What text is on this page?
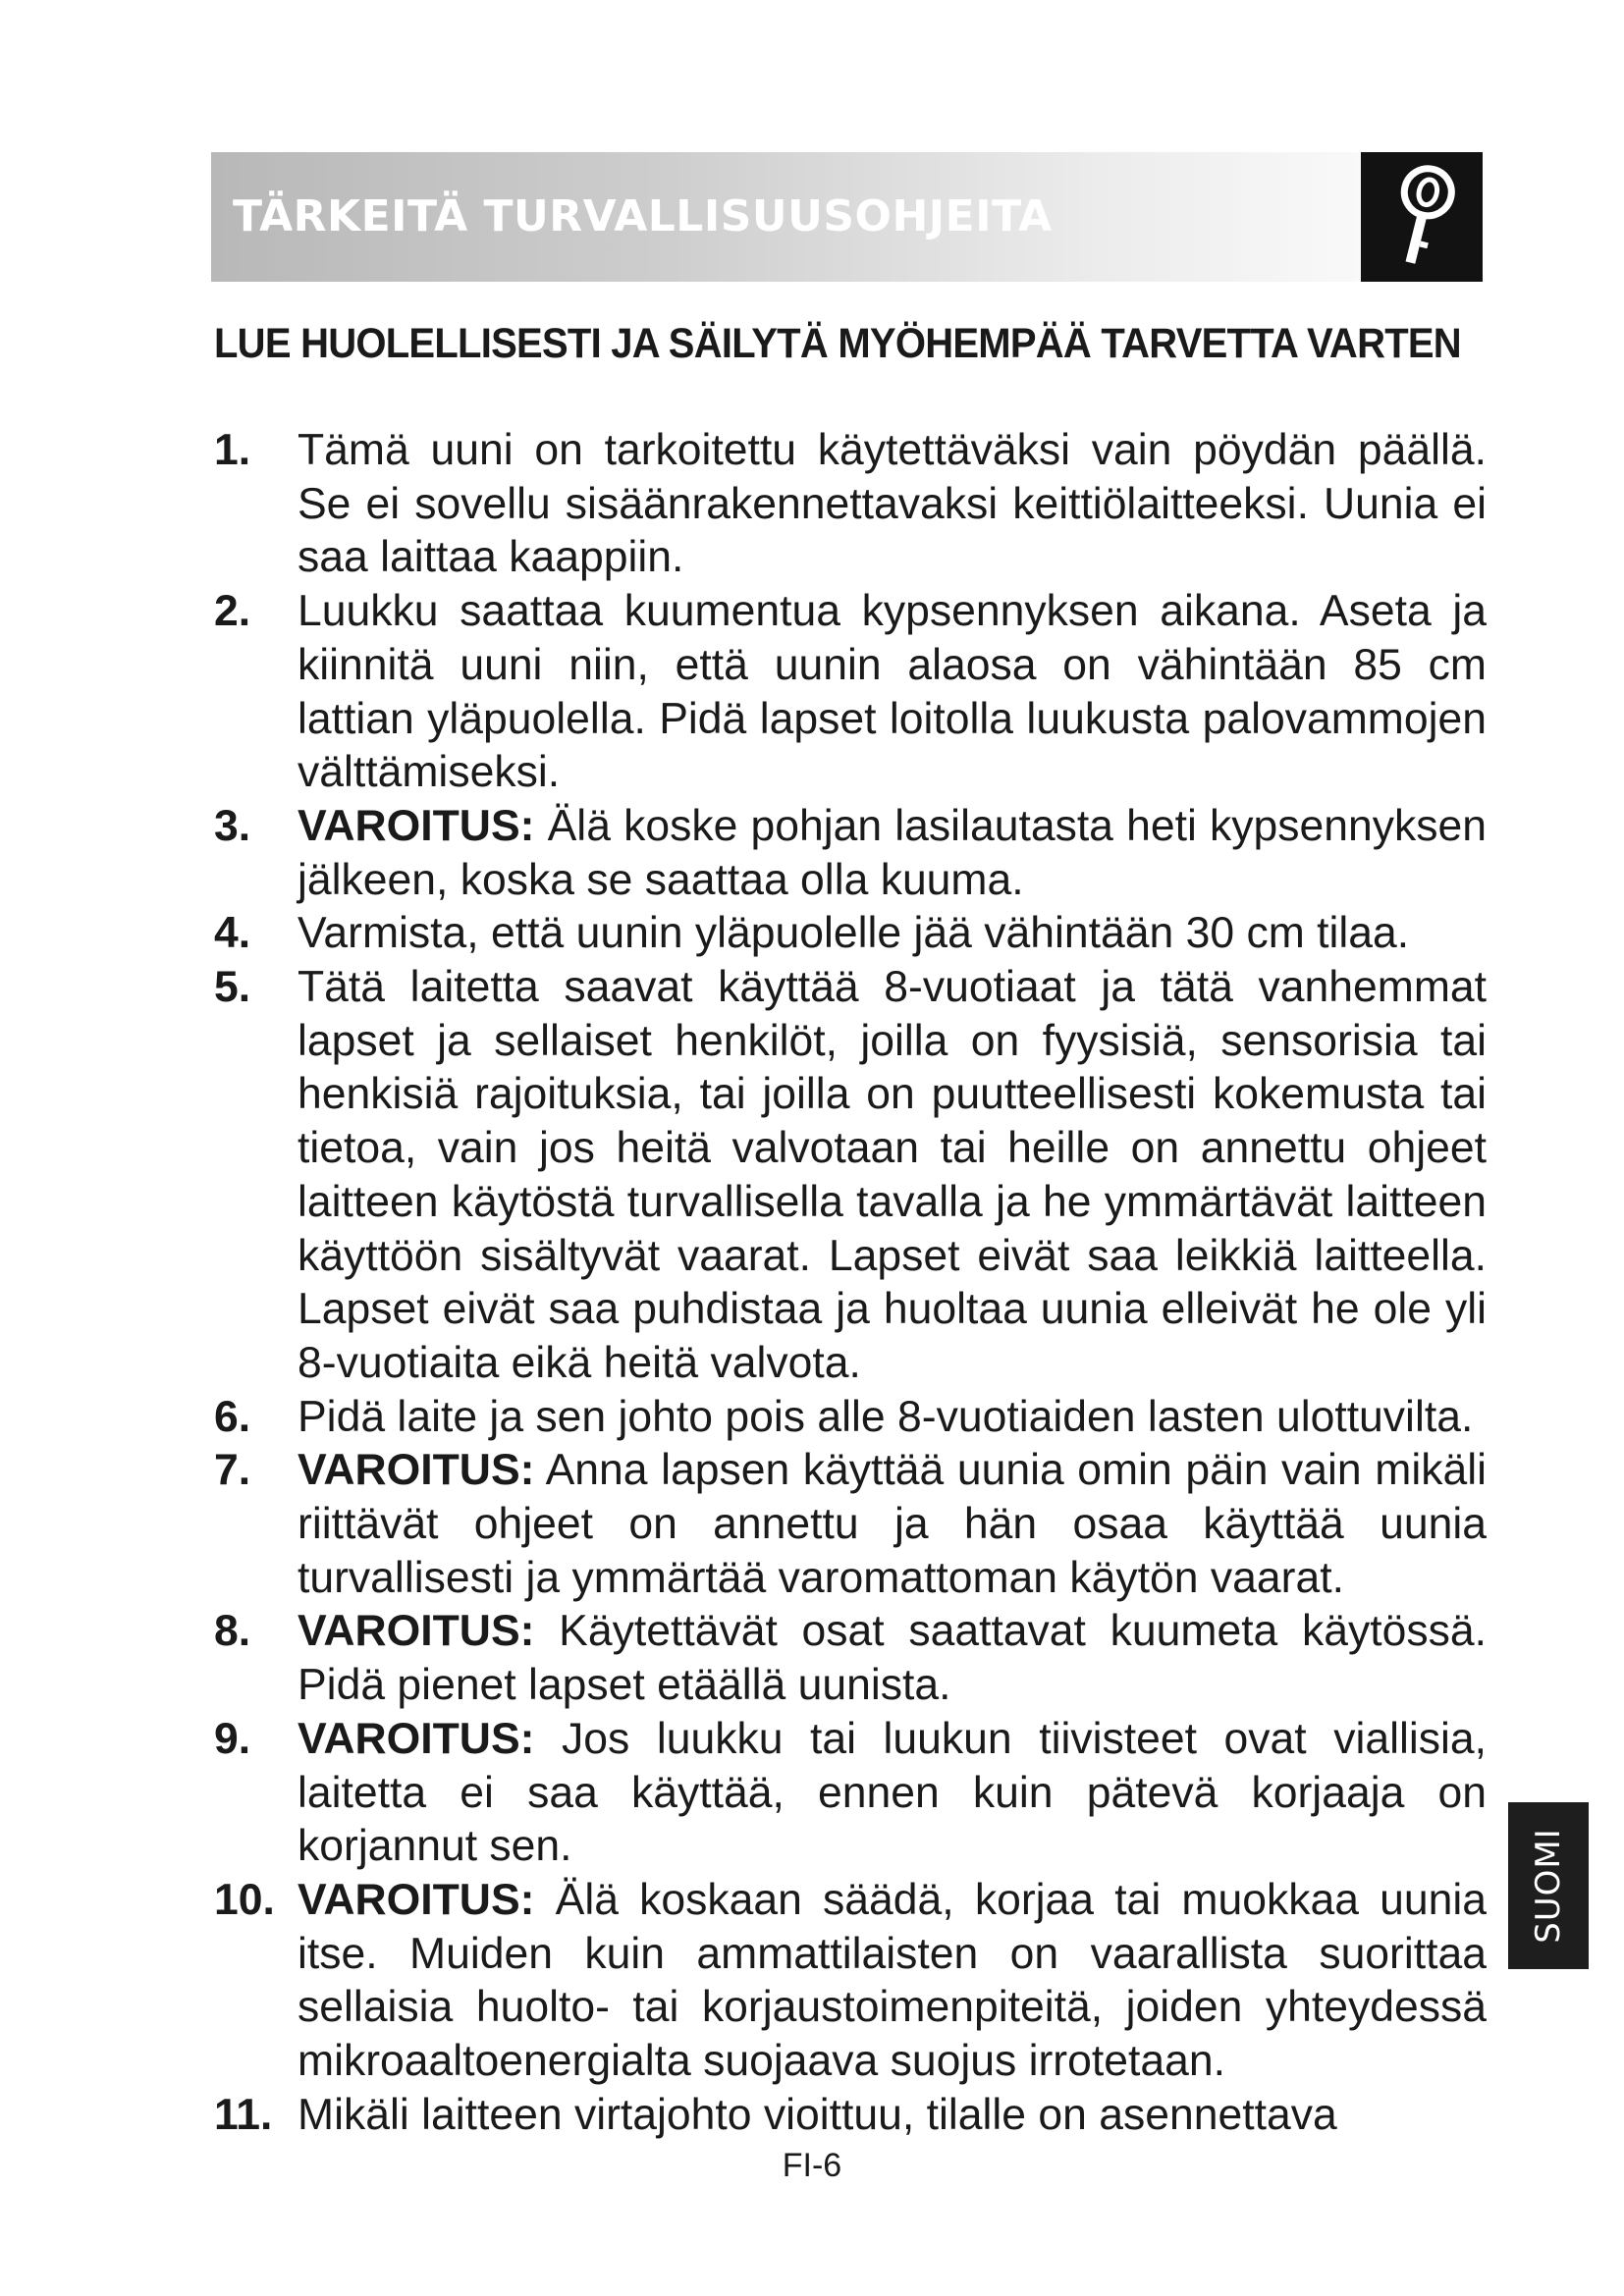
TÄRKEITÄ TURVALLISUUSOHJEITA
LUE HUOLELLISESTI JA SÄILYTÄ MYÖHEMPÄÄ TARVETTA VARTEN
1. Tämä uuni on tarkoitettu käytettäväksi vain pöydän päällä. Se ei sovellu sisäänrakennettavaksi keittiölaitteeksi. Uunia ei saa laittaa kaappiin.
2. Luukku saattaa kuumentua kypsennyksen aikana. Aseta ja kiinnitä uuni niin, että uunin alaosa on vähintään 85 cm lattian yläpuolella. Pidä lapset loitolla luukusta palovammojen välttämiseksi.
3. VAROITUS: Älä koske pohjan lasilautasta heti kypsennyksen jälkeen, koska se saattaa olla kuuma.
4. Varmista, että uunin yläpuolelle jää vähintään 30 cm tilaa.
5. Tätä laitetta saavat käyttää 8-vuotiaat ja tätä vanhemmat lapset ja sellaiset henkilöt, joilla on fyysisiä, sensorisia tai henkisiä rajoituksia, tai joilla on puutteellisesti kokemusta tai tietoa, vain jos heitä valvotaan tai heille on annettu ohjeet laitteen käytöstä turvallisella tavalla ja he ymmärtävät laitteen käyttöön sisältyvät vaarat. Lapset eivät saa leikkiä laitteella. Lapset eivät saa puhdistaa ja huoltaa uunia elleivät he ole yli 8-vuotiaita eikä heitä valvota.
6. Pidä laite ja sen johto pois alle 8-vuotiaiden lasten ulottuvilta.
7. VAROITUS: Anna lapsen käyttää uunia omin päin vain mikäli riittävät ohjeet on annettu ja hän osaa käyttää uunia turvallisesti ja ymmärtää varomattoman käytön vaarat.
8. VAROITUS: Käytettävät osat saattavat kuumeta käytössä. Pidä pienet lapset etäällä uunista.
9. VAROITUS: Jos luukku tai luukun tiivisteet ovat viallisia, laitetta ei saa käyttää, ennen kuin pätevä korjaaja on korjannut sen.
10. VAROITUS: Älä koskaan säädä, korjaa tai muokkaa uunia itse. Muiden kuin ammattilaisten on vaarallista suorittaa sellaisia huolto- tai korjaustoimenpiteitä, joiden yhteydessä mikroaaltoenergialta suojaava suojus irrotetaan.
11. Mikäli laitteen virtajohto vioittuu, tilalle on asennettava
SUOMI
FI-6
